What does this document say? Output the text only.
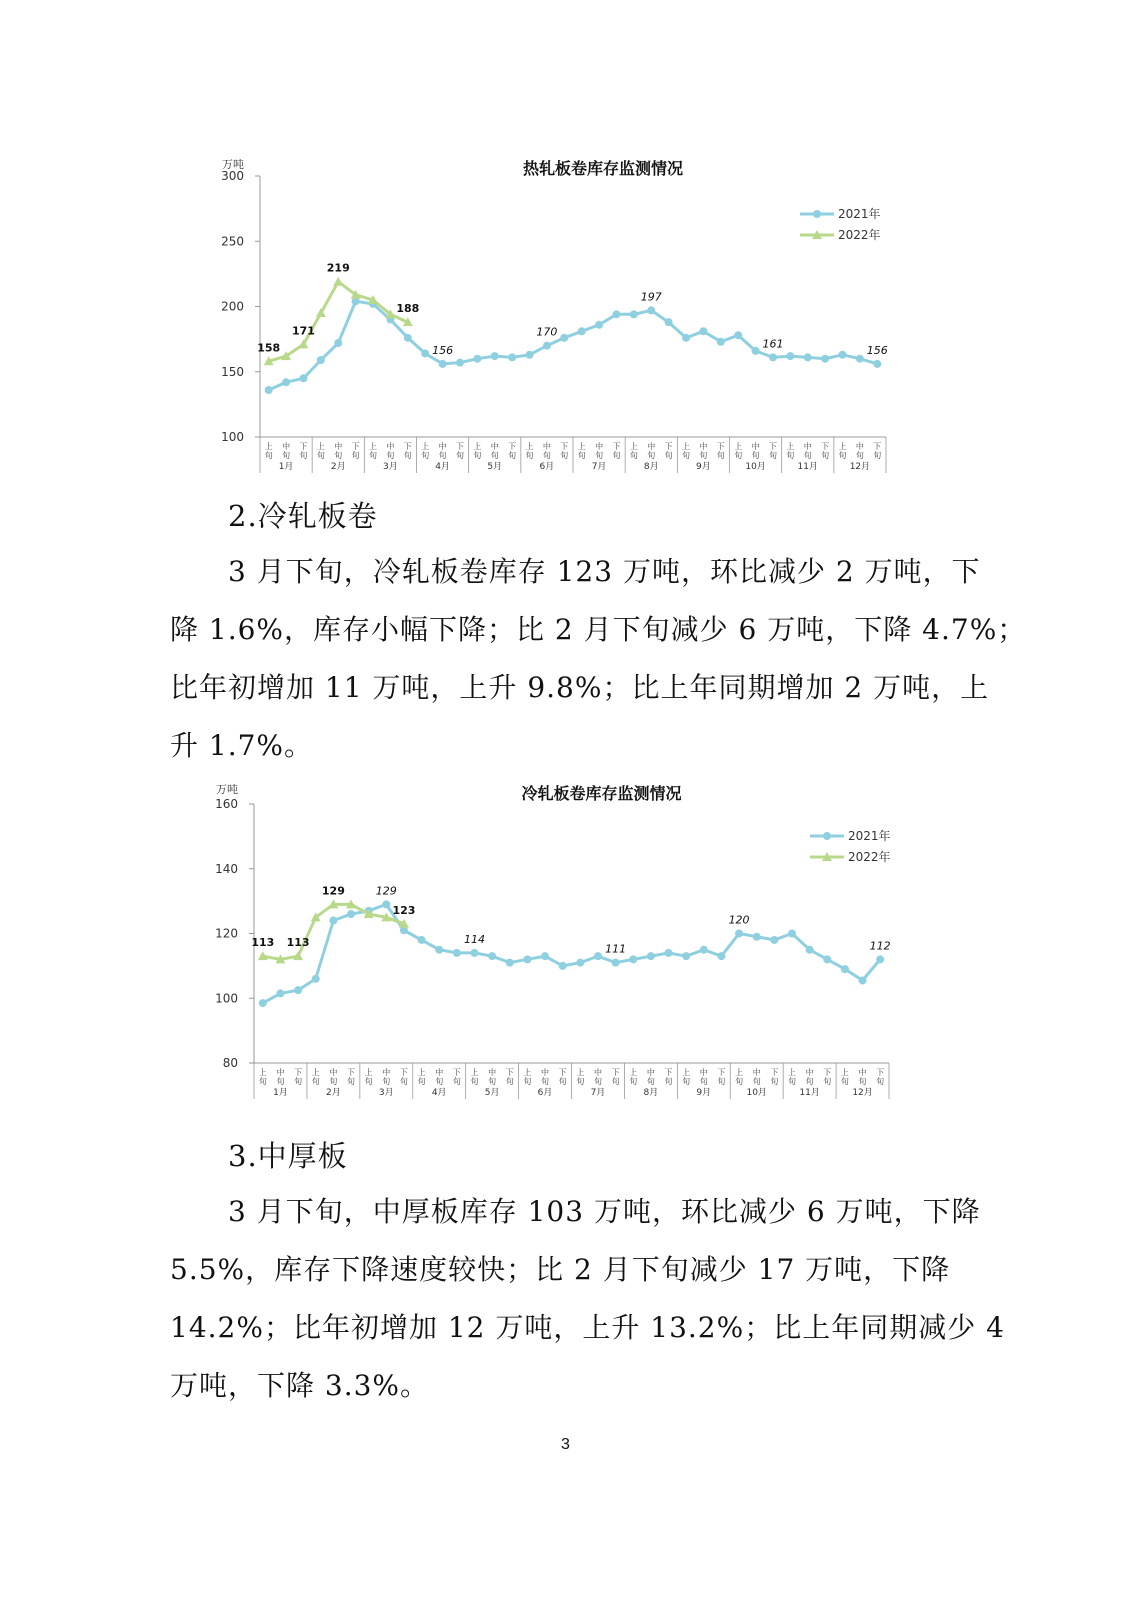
热轧板卷库存监测情况
万吨
100
150
200
250
300
上
旬
中
旬
下
旬
上
旬
中
旬
下
旬
上
旬
中
旬
下
旬
上
旬
中
旬
下
旬
上
旬
中
旬
下
旬
上
旬
中
旬
下
旬
上
旬
中
旬
下
旬
上
旬
中
旬
下
旬
上
旬
中
旬
下
旬
上
旬
中
旬
下
旬
上
旬
中
旬
下
旬
上
旬
中
旬
下
旬
1月	2月	3月	4月	5月	6月	7月	8月	9月	10月	11月	12月
158
171
219
188
156
170
197
161
156
2021年
2022年
2.冷轧板卷
　　3 月下旬，冷轧板卷库存 123 万吨，环比减少 2 万吨，下
降 1.6%，库存小幅下降；比 2 月下旬减少 6 万吨，下降 4.7%；
比年初增加 11 万吨，上升 9.8%；比上年同期增加 2 万吨，上
升 1.7%。
冷轧板卷库存监测情况
万吨
80
100
120
140
160
上
旬
中
旬
下
旬
上
旬
中
旬
下
旬
上
旬
中
旬
下
旬
上
旬
中
旬
下
旬
上
旬
中
旬
下
旬
上
旬
中
旬
下
旬
上
旬
中
旬
下
旬
上
旬
中
旬
下
旬
上
旬
中
旬
下
旬
上
旬
中
旬
下
旬
上
旬
中
旬
下
旬
上
旬
中
旬
下
旬
1月	2月	3月	4月	5月	6月	7月	8月	9月	10月	11月	12月
113 113
129	129
123
114
111
120
112
2021年
2022年
3.中厚板
　　3 月下旬，中厚板库存 103 万吨，环比减少 6 万吨，下降
5.5%，库存下降速度较快；比 2 月下旬减少 17 万吨，下降
14.2%；比年初增加 12 万吨，上升 13.2%；比上年同期减少 4
万吨，下降 3.3%。
3
